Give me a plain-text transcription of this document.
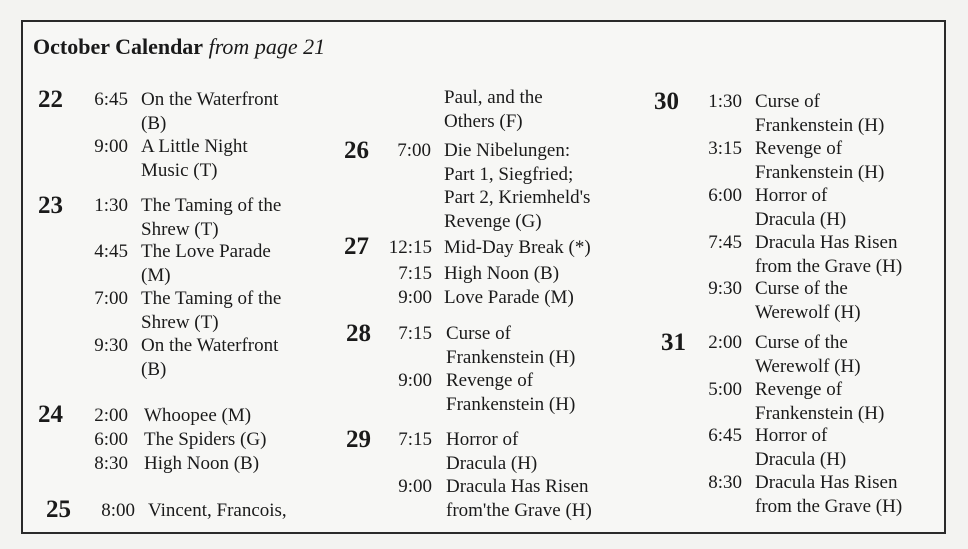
October Calendar from page 21
22	6:45 On the Waterfront
(B)
9:00 A Little Night
Music (T)
23	1:30 The Taming of the
Shrew (T)
4:45 The Love Parade
(M)
7:00 The Taming of the
Shrew (T)
9:30 On the Waterfront
(B)
24	2:00 Whoopee (M)
6:00 The Spiders (G)
8:30 High Noon (B)
25	8:00 Vincent, Francois,
Paul, and the
Others (F)
26	7:00 Die Nibelungen:
Part 1, Siegfried;
Part 2, Kriemheld's
Revenge (G)
27	12:15 Mid-Day Break (*)
7:15 High Noon (B)
9:00 Love Parade (M)
28	7:15 Curse of
Frankenstein (H)
9:00 Revenge of
Frankenstein (H)
29	7:15 Horror of
Dracula (H)
9:00 Dracula Has Risen
from'the Grave (H)
30	1:30 Curse of
Frankenstein (H)
3:15 Revenge of
Frankenstein (H)
6:00 Horror of
Dracula (H)
7:45 Dracula Has Risen
from the Grave (H)
9:30 Curse of the
Werewolf (H)
31	2:00 Curse of the
Werewolf (H)
5:00 Revenge of
Frankenstein (H)
6:45 Horror of
Dracula (H)
8:30 Dracula Has Risen
from the Grave (H)
